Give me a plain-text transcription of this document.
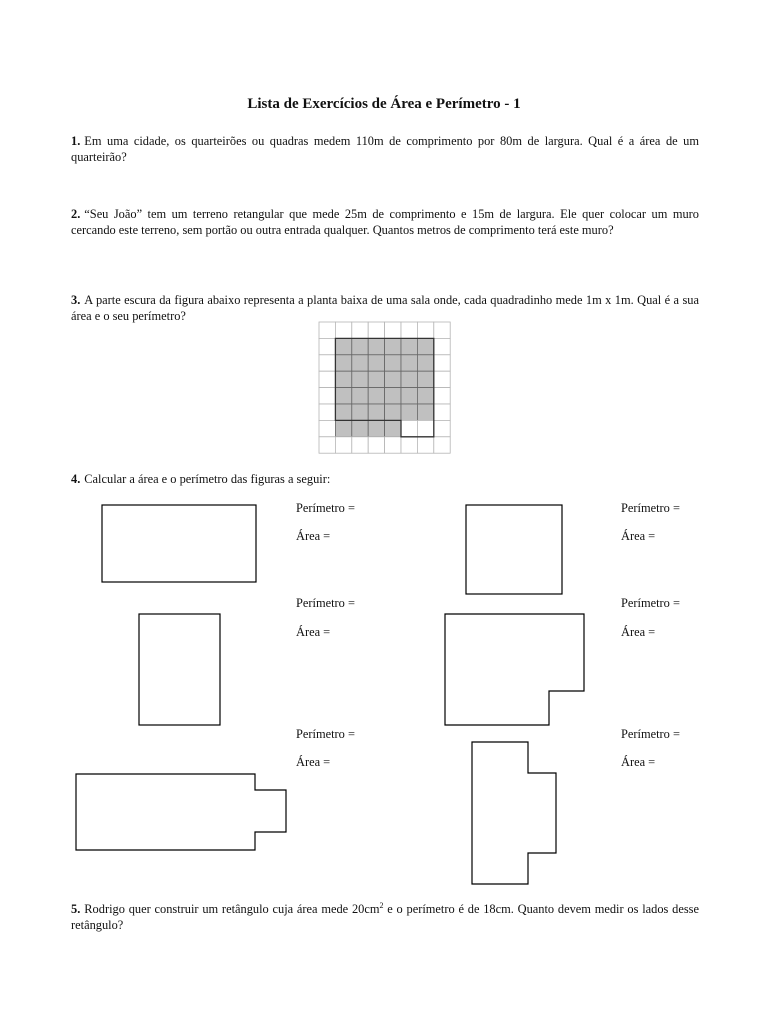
Lista de Exercícios de Área e Perímetro - 1
1. Em uma cidade, os quarteirões ou quadras medem 110m de comprimento por 80m de largura. Qual é a área de um quarteirão?
2. “Seu João” tem um terreno retangular que mede 25m de comprimento e 15m de largura. Ele quer colocar um muro cercando este terreno, sem portão ou outra entrada qualquer. Quantos metros de comprimento terá este muro?
3. A parte escura da figura abaixo representa a planta baixa de uma sala onde, cada quadradinho mede 1m x 1m. Qual é a sua área e o seu perímetro?
4. Calcular a área e o perímetro das figuras a seguir:
5. Rodrigo quer construir um retângulo cuja área mede $20cm^2$ e o perímetro é de 18cm. Quanto devem medir os lados desse retângulo?
Perímetro =
Área =
Perímetro =
Área =
Perímetro =
Área =
Perímetro =
Área =
Perímetro =
Área =
Perímetro =
Área =
